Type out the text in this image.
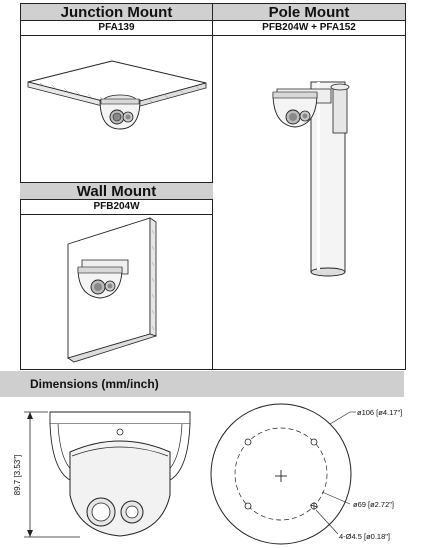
Junction Mount
PFA139
Pole Mount
PFB204W + PFA152
Wall Mount
PFB204W
Dimensions (mm/inch)
89.7 [3.53"]
ø106 [ø4.17"]
ø69 [ø2.72"]
4-Ø4.5 [ø0.18"]
